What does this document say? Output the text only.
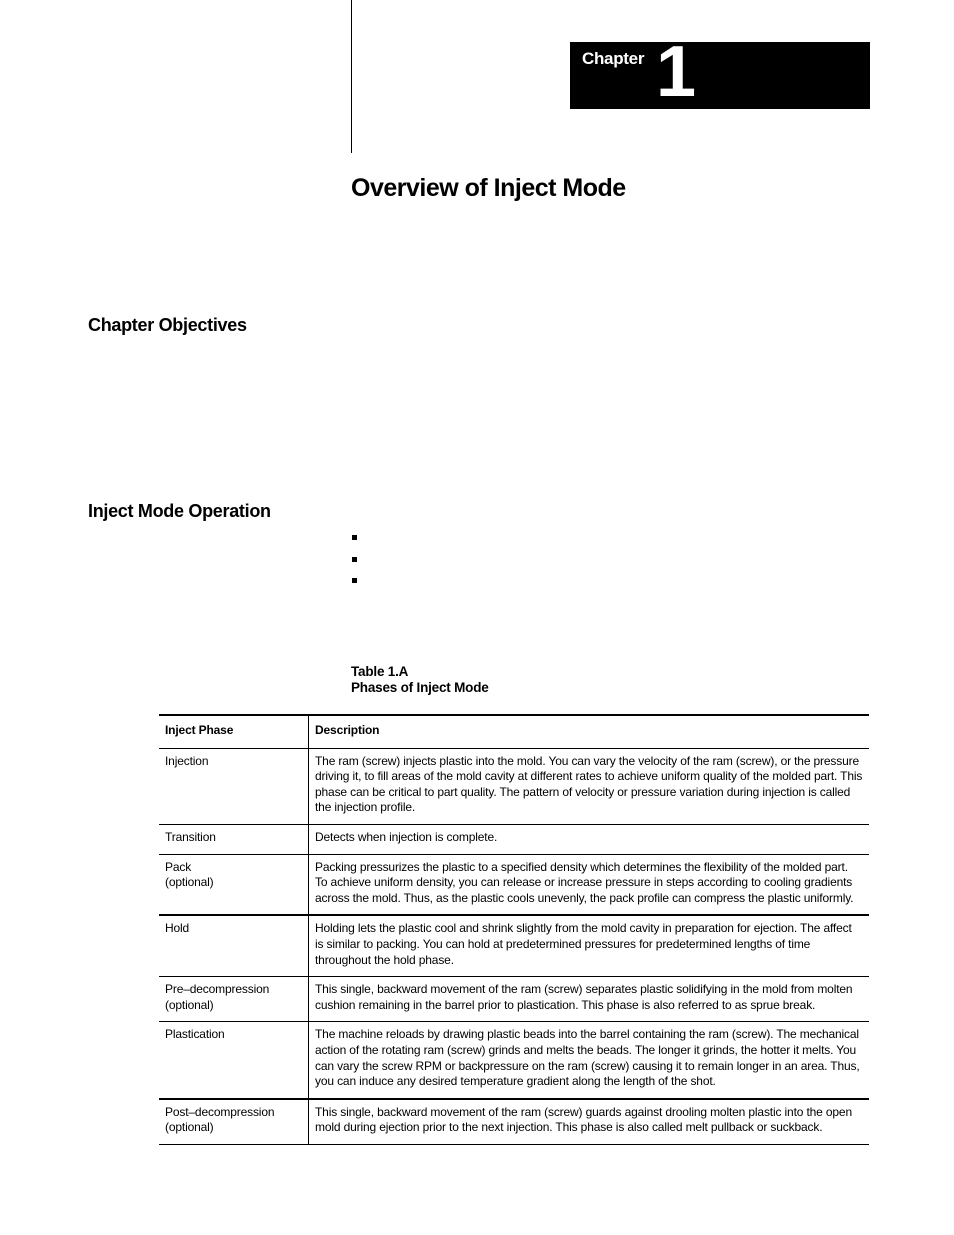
Chapter 1
Overview of Inject Mode
Chapter Objectives
Inject Mode Operation
Table 1.A
Phases of Inject Mode
Inject Phase	Description
Injection	The ram (screw) injects plastic into the mold. You can vary the velocity of the ram (screw), or the pressure driving it, to fill areas of the mold cavity at different rates to achieve uniform quality of the molded part. This phase can be critical to part quality. The pattern of velocity or pressure variation during injection is called the injection profile.
Transition	Detects when injection is complete.
Pack
(optional)	Packing pressurizes the plastic to a specified density which determines the flexibility of the molded part. To achieve uniform density, you can release or increase pressure in steps according to cooling gradients across the mold. Thus, as the plastic cools unevenly, the pack profile can compress the plastic uniformly.
Hold	Holding lets the plastic cool and shrink slightly from the mold cavity in preparation for ejection. The affect is similar to packing. You can hold at predetermined pressures for predetermined lengths of time throughout the hold phase.
Pre–decompression
(optional)	This single, backward movement of the ram (screw) separates plastic solidifying in the mold from molten cushion remaining in the barrel prior to plastication. This phase is also referred to as sprue break.
Plastication	The machine reloads by drawing plastic beads into the barrel containing the ram (screw). The mechanical action of the rotating ram (screw) grinds and melts the beads. The longer it grinds, the hotter it melts. You can vary the screw RPM or backpressure on the ram (screw) causing it to remain longer in an area. Thus, you can induce any desired temperature gradient along the length of the shot.
Post–decompression
(optional)	This single, backward movement of the ram (screw) guards against drooling molten plastic into the open mold during ejection prior to the next injection. This phase is also called melt pullback or suckback.
